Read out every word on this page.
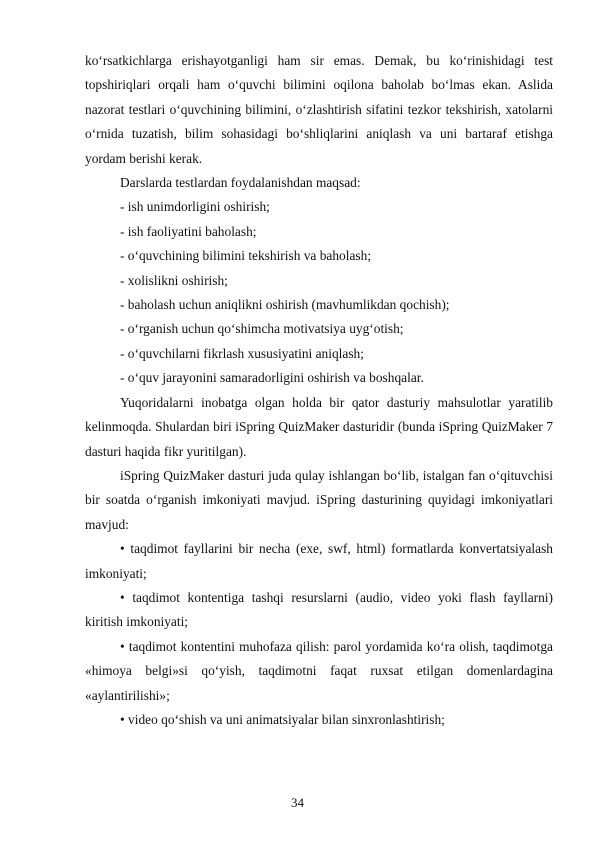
ko‘rsatkichlarga erishayotganligi ham sir emas. Demak, bu ko‘rinishidagi test topshiriqlari orqali ham o‘quvchi bilimini oqilona baholab bo‘lmas ekan. Aslida nazorat testlari o‘quvchining bilimini, o‘zlashtirish sifatini tezkor tekshirish, xatolarni o‘rnida tuzatish, bilim sohasidagi bo‘shliqlarini aniqlash va uni bartaraf etishga yordam berishi kerak.

Darslarda testlardan foydalanishdan maqsad:

- ish unimdorligini oshirish;

- ish faoliyatini baholash;

- o‘quvchining bilimini tekshirish va baholash;

- xolislikni oshirish;

- baholash uchun aniqlikni oshirish (mavhumlikdan qochish);

- o‘rganish uchun qo‘shimcha motivatsiya uyg‘otish;

- o‘quvchilarni fikrlash xususiyatini aniqlash;

- o‘quv jarayonini samaradorligini oshirish va boshqalar.

Yuqoridalarni inobatga olgan holda bir qator dasturiy mahsulotlar yaratilib kelinmoqda. Shulardan biri iSpring QuizMaker dasturidir (bunda iSpring QuizMaker 7 dasturi haqida fikr yuritilgan).

iSpring QuizMaker dasturi juda qulay ishlangan bo‘lib, istalgan fan o‘qituvchisi bir soatda o‘rganish imkoniyati mavjud. iSpring dasturining quyidagi imkoniyatlari mavjud:

• taqdimot fayllarini bir necha (exe, swf, html) formatlarda konvertatsiyalash imkoniyati;

• taqdimot kontentiga tashqi resurslarni (audio, video yoki flash fayllarni) kiritish imkoniyati;

• taqdimot kontentini muhofaza qilish: parol yordamida ko‘ra olish, taqdimotga «himoya belgi»si qo‘yish, taqdimotni faqat ruxsat etilgan domenlardagina «aylantirilishi»;

• video qo‘shish va uni animatsiyalar bilan sinxronlashtirish;

34
